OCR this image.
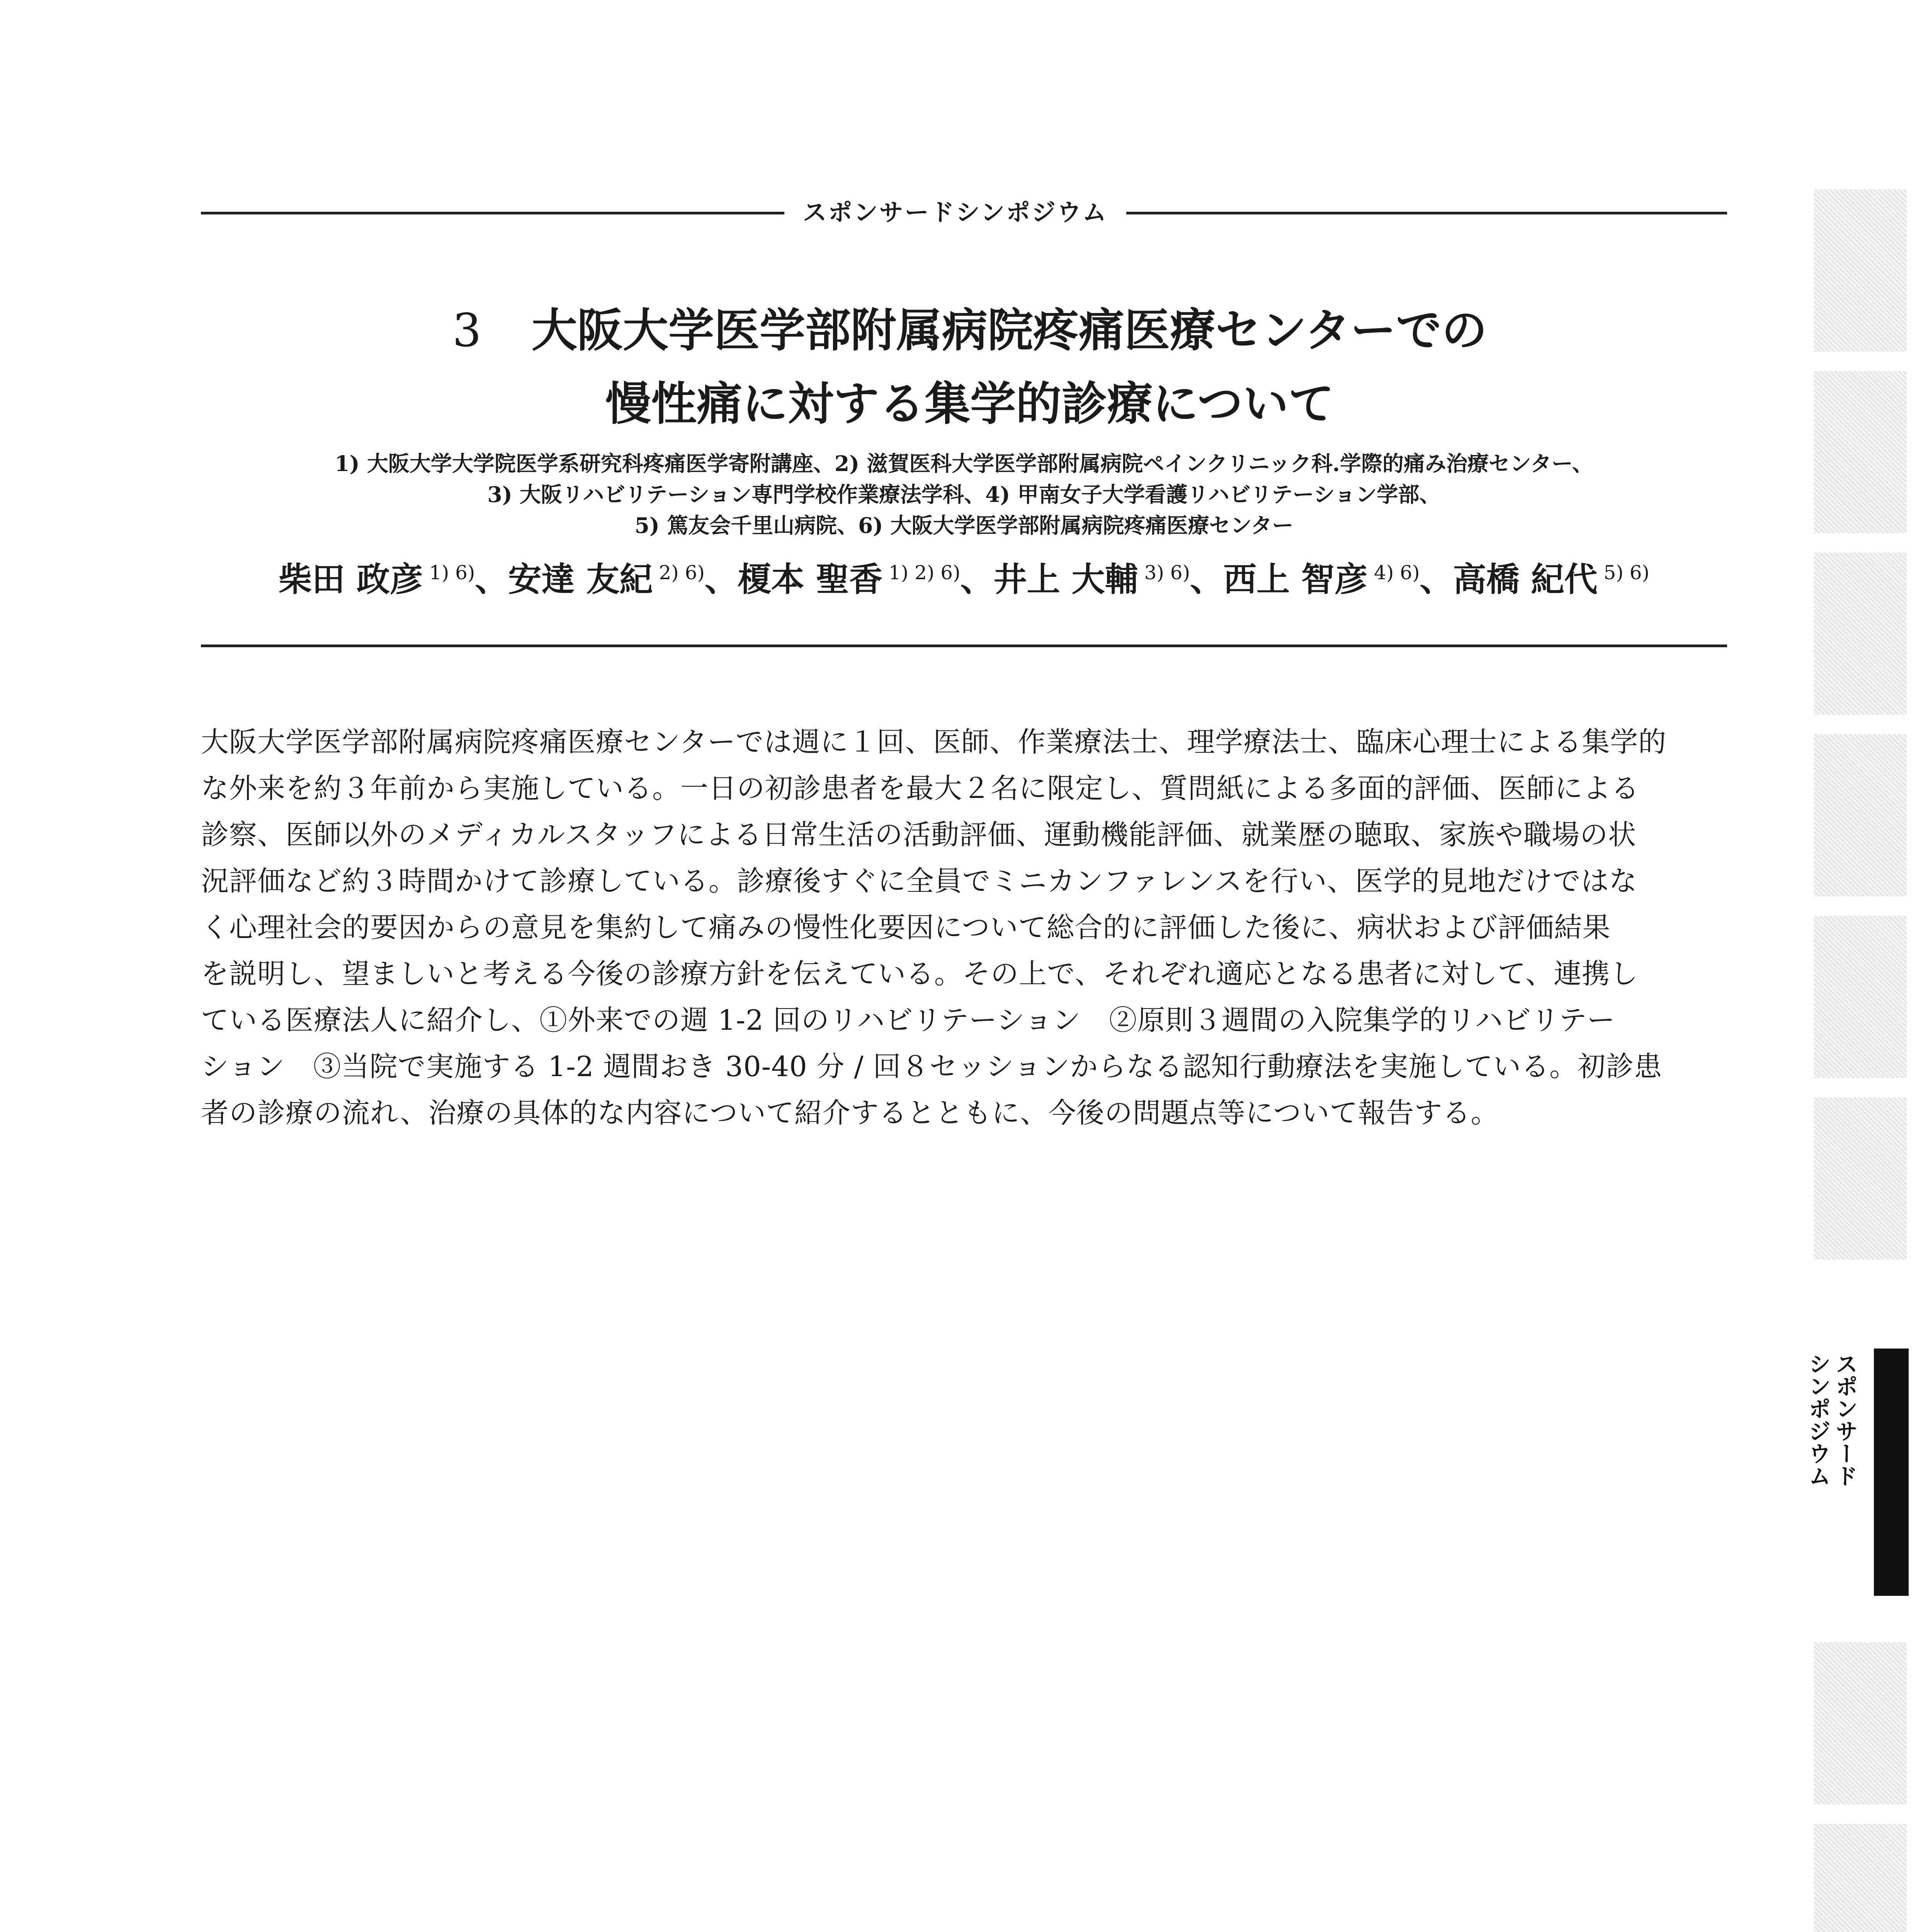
スポンサードシンポジウム
3 大阪大学医学部附属病院疼痛医療センターでの
慢性痛に対する集学的診療について
1) 大阪大学大学院医学系研究科疼痛医学寄附講座、2) 滋賀医科大学医学部附属病院ペインクリニック科.学際的痛み治療センター、
3) 大阪リハビリテーション専門学校作業療法学科、4) 甲南女子大学看護リハビリテーション学部、
5) 篤友会千里山病院、6) 大阪大学医学部附属病院疼痛医療センター
柴田 政彦 $^{1) 6)}$、安達 友紀 $^{2) 6)}$、榎本 聖香 $^{1) 2) 6)}$、井上 大輔 $^{3) 6)}$、西上 智彦 $^{4) 6)}$、高橋 紀代 $^{5) 6)}$
大阪大学医学部附属病院疼痛医療センターでは週に１回、医師、作業療法士、理学療法士、臨床心理士による集学的
な外来を約３年前から実施している。一日の初診患者を最大２名に限定し、質問紙による多面的評価、医師による
診察、医師以外のメディカルスタッフによる日常生活の活動評価、運動機能評価、就業歴の聴取、家族や職場の状
況評価など約３時間かけて診療している。診療後すぐに全員でミニカンファレンスを行い、医学的見地だけではな
く心理社会的要因からの意見を集約して痛みの慢性化要因について総合的に評価した後に、病状および評価結果
を説明し、望ましいと考える今後の診療方針を伝えている。その上で、それぞれ適応となる患者に対して、連携し
ている医療法人に紹介し、①外来での週 1-2 回のリハビリテーション　②原則３週間の入院集学的リハビリテー
ション　③当院で実施する 1-2 週間おき 30-40 分 / 回８セッションからなる認知行動療法を実施している。初診患
者の診療の流れ、治療の具体的な内容について紹介するとともに、今後の問題点等について報告する。
スポンサード
シンポジウム
